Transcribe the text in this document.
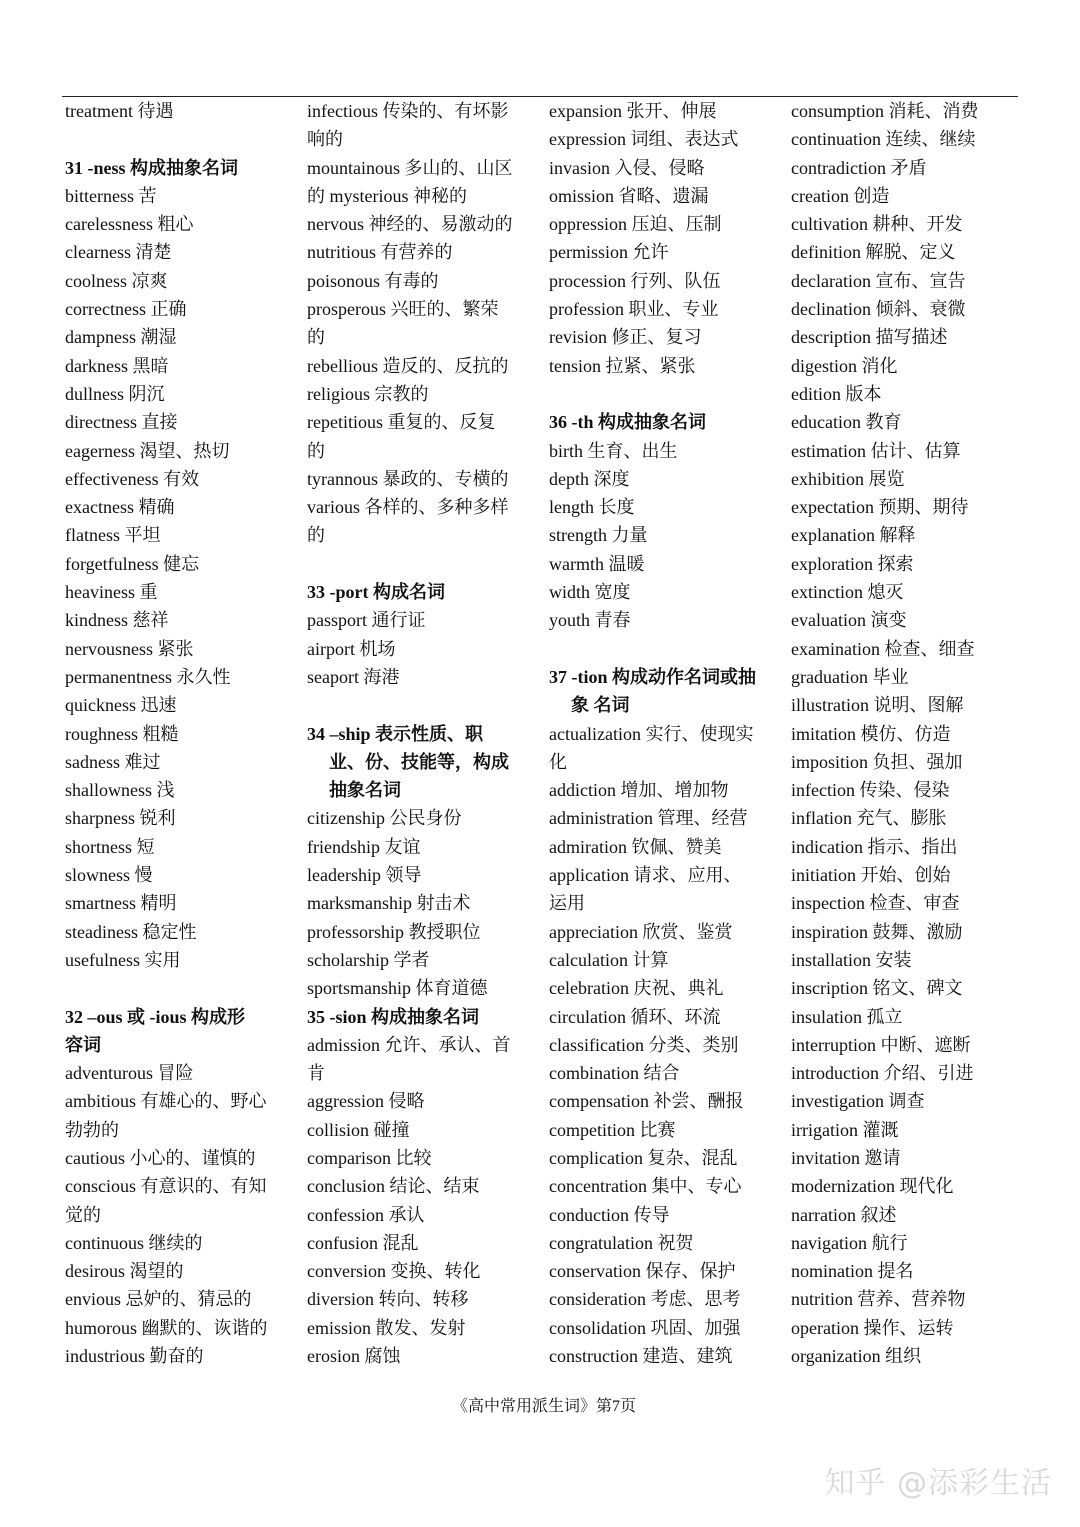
treatment 待遇
31 -ness 构成抽象名词
bitterness 苦
carelessness 粗心
clearness 清楚
coolness 凉爽
correctness 正确
dampness 潮湿
darkness 黑暗
dullness 阴沉
directness 直接
eagerness 渴望、热切
effectiveness 有效
exactness 精确
flatness 平坦
forgetfulness 健忘
heaviness 重
kindness 慈祥
nervousness 紧张
permanentness 永久性
quickness 迅速
roughness 粗糙
sadness 难过
shallowness 浅
sharpness 锐利
shortness 短
slowness 慢
smartness 精明
steadiness 稳定性
usefulness 实用
32 –ous 或 -ious 构成形
容词
adventurous 冒险
ambitious 有雄心的、野心
勃勃的
cautious 小心的、谨慎的
conscious 有意识的、有知
觉的
continuous 继续的
desirous 渴望的
envious 忌妒的、猜忌的
humorous 幽默的、诙谐的
industrious 勤奋的
infectious 传染的、有坏影
响的
mountainous 多山的、山区
的 mysterious 神秘的
nervous 神经的、易激动的
nutritious 有营养的
poisonous 有毒的
prosperous 兴旺的、繁荣
的
rebellious 造反的、反抗的
religious 宗教的
repetitious 重复的、反复
的
tyrannous 暴政的、专横的
various 各样的、多种多样
的
33 -port 构成名词
passport 通行证
airport 机场
seaport 海港
34 –ship 表示性质、职
业、份、技能等，构成
抽象名词
citizenship 公民身份
friendship 友谊
leadership 领导
marksmanship 射击术
professorship 教授职位
scholarship 学者
sportsmanship 体育道德
35 -sion 构成抽象名词
admission 允许、承认、首
肯
aggression 侵略
collision 碰撞
comparison 比较
conclusion 结论、结束
confession 承认
confusion 混乱
conversion 变换、转化
diversion 转向、转移
emission 散发、发射
erosion 腐蚀
expansion 张开、伸展
expression 词组、表达式
invasion 入侵、侵略
omission 省略、遗漏
oppression 压迫、压制
permission 允许
procession 行列、队伍
profession 职业、专业
revision 修正、复习
tension 拉紧、紧张
36 -th 构成抽象名词
birth 生育、出生
depth 深度
length 长度
strength 力量
warmth 温暖
width 宽度
youth 青春
37 -tion 构成动作名词或抽
象 名词
actualization 实行、使现实
化
addiction 增加、增加物
administration 管理、经营
admiration 钦佩、赞美
application 请求、应用、
运用
appreciation 欣赏、鉴赏
calculation 计算
celebration 庆祝、典礼
circulation 循环、环流
classification 分类、类别
combination 结合
compensation 补尝、酬报
competition 比赛
complication 复杂、混乱
concentration 集中、专心
conduction 传导
congratulation 祝贺
conservation 保存、保护
consideration 考虑、思考
consolidation 巩固、加强
construction 建造、建筑
consumption 消耗、消费
continuation 连续、继续
contradiction 矛盾
creation 创造
cultivation 耕种、开发
definition 解脱、定义
declaration 宣布、宣告
declination 倾斜、衰微
description 描写描述
digestion 消化
edition 版本
education 教育
estimation 估计、估算
exhibition 展览
expectation 预期、期待
explanation 解释
exploration 探索
extinction 熄灭
evaluation 演变
examination 检查、细查
graduation 毕业
illustration 说明、图解
imitation 模仿、仿造
imposition 负担、强加
infection 传染、侵染
inflation 充气、膨胀
indication 指示、指出
initiation 开始、创始
inspection 检查、审查
inspiration 鼓舞、激励
installation 安装
inscription 铭文、碑文
insulation 孤立
interruption 中断、遮断
introduction 介绍、引进
investigation 调查
irrigation 灌溉
invitation 邀请
modernization 现代化
narration 叙述
navigation 航行
nomination 提名
nutrition 营养、营养物
operation 操作、运转
organization 组织
《高中常用派生词》第7页
知乎 @添彩生活
